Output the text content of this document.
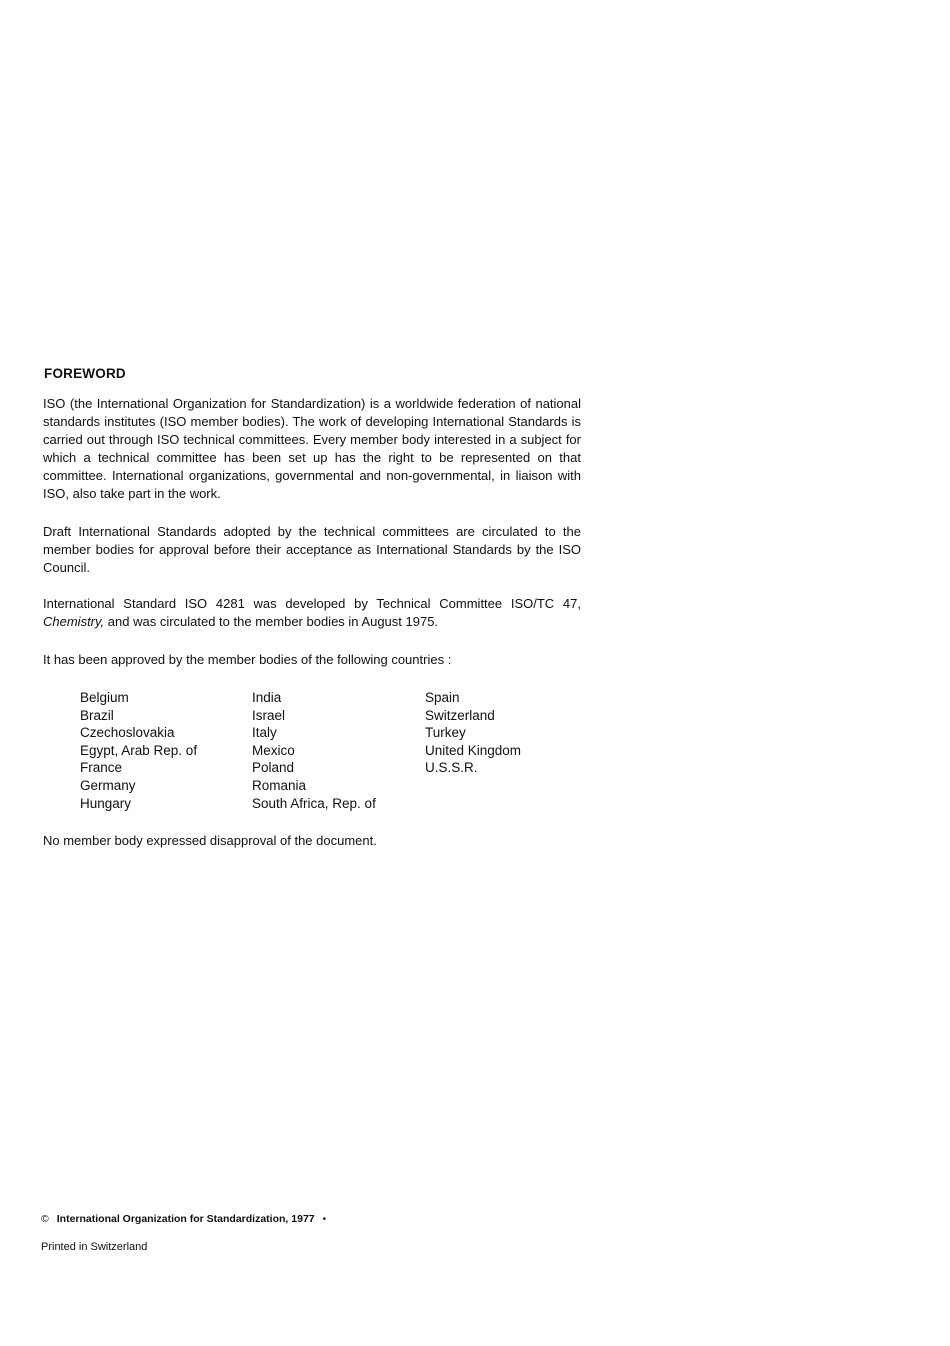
FOREWORD

ISO (the International Organization for Standardization) is a worldwide federation of national standards institutes (ISO member bodies). The work of developing International Standards is carried out through ISO technical committees. Every member body interested in a subject for which a technical committee has been set up has the right to be represented on that committee. International organizations, governmental and non-governmental, in liaison with ISO, also take part in the work.

Draft International Standards adopted by the technical committees are circulated to the member bodies for approval before their acceptance as International Standards by the ISO Council.

International Standard ISO 4281 was developed by Technical Committee ISO/TC 47, Chemistry, and was circulated to the member bodies in August 1975.

It has been approved by the member bodies of the following countries :

Belgium
Brazil
Czechoslovakia
Egypt, Arab Rep. of
France
Germany
Hungary
India
Israel
Italy
Mexico
Poland
Romania
South Africa, Rep. of
Spain
Switzerland
Turkey
United Kingdom
U.S.S.R.

No member body expressed disapproval of the document.

© International Organization for Standardization, 1977 •
Printed in Switzerland
